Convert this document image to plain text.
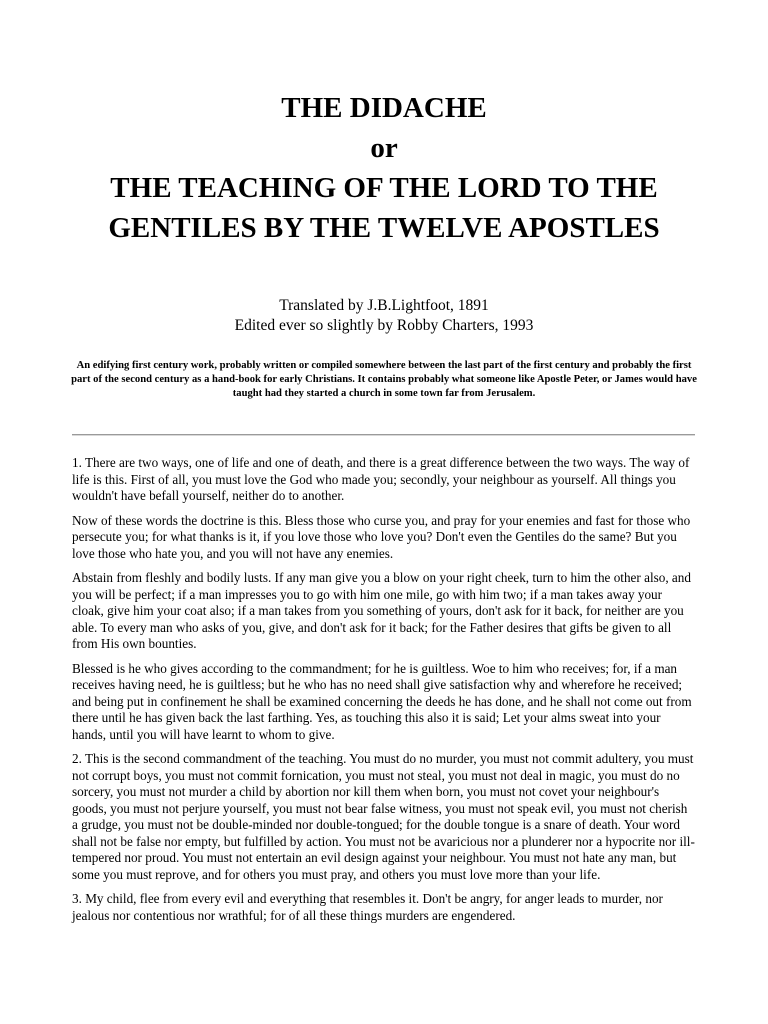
THE DIDACHE
or
THE TEACHING OF THE LORD TO THE
GENTILES BY THE TWELVE APOSTLES
Translated by J.B.Lightfoot, 1891
Edited ever so slightly by Robby Charters, 1993
An edifying first century work, probably written or compiled somewhere between the last part of the first century and probably the first part of the second century as a hand-book for early Christians. It contains probably what someone like Apostle Peter, or James would have taught had they started a church in some town far from Jerusalem.

1. There are two ways, one of life and one of death, and there is a great difference between the two ways. The way of life is this. First of all, you must love the God who made you; secondly, your neighbour as yourself. All things you wouldn't have befall yourself, neither do to another.

Now of these words the doctrine is this. Bless those who curse you, and pray for your enemies and fast for those who persecute you; for what thanks is it, if you love those who love you? Don't even the Gentiles do the same? But you love those who hate you, and you will not have any enemies.

Abstain from fleshly and bodily lusts. If any man give you a blow on your right cheek, turn to him the other also, and you will be perfect; if a man impresses you to go with him one mile, go with him two; if a man takes away your cloak, give him your coat also; if a man takes from you something of yours, don't ask for it back, for neither are you able. To every man who asks of you, give, and don't ask for it back; for the Father desires that gifts be given to all from His own bounties.

Blessed is he who gives according to the commandment; for he is guiltless. Woe to him who receives; for, if a man receives having need, he is guiltless; but he who has no need shall give satisfaction why and wherefore he received; and being put in confinement he shall be examined concerning the deeds he has done, and he shall not come out from there until he has given back the last farthing. Yes, as touching this also it is said; Let your alms sweat into your hands, until you will have learnt to whom to give.

2. This is the second commandment of the teaching. You must do no murder, you must not commit adultery, you must not corrupt boys, you must not commit fornication, you must not steal, you must not deal in magic, you must do no sorcery, you must not murder a child by abortion nor kill them when born, you must not covet your neighbour's goods, you must not perjure yourself, you must not bear false witness, you must not speak evil, you must not cherish a grudge, you must not be double-minded nor double-tongued; for the double tongue is a snare of death. Your word shall not be false nor empty, but fulfilled by action. You must not be avaricious nor a plunderer nor a hypocrite nor ill-tempered nor proud. You must not entertain an evil design against your neighbour. You must not hate any man, but some you must reprove, and for others you must pray, and others you must love more than your life.

3. My child, flee from every evil and everything that resembles it. Don't be angry, for anger leads to murder, nor jealous nor contentious nor wrathful; for of all these things murders are engendered.
